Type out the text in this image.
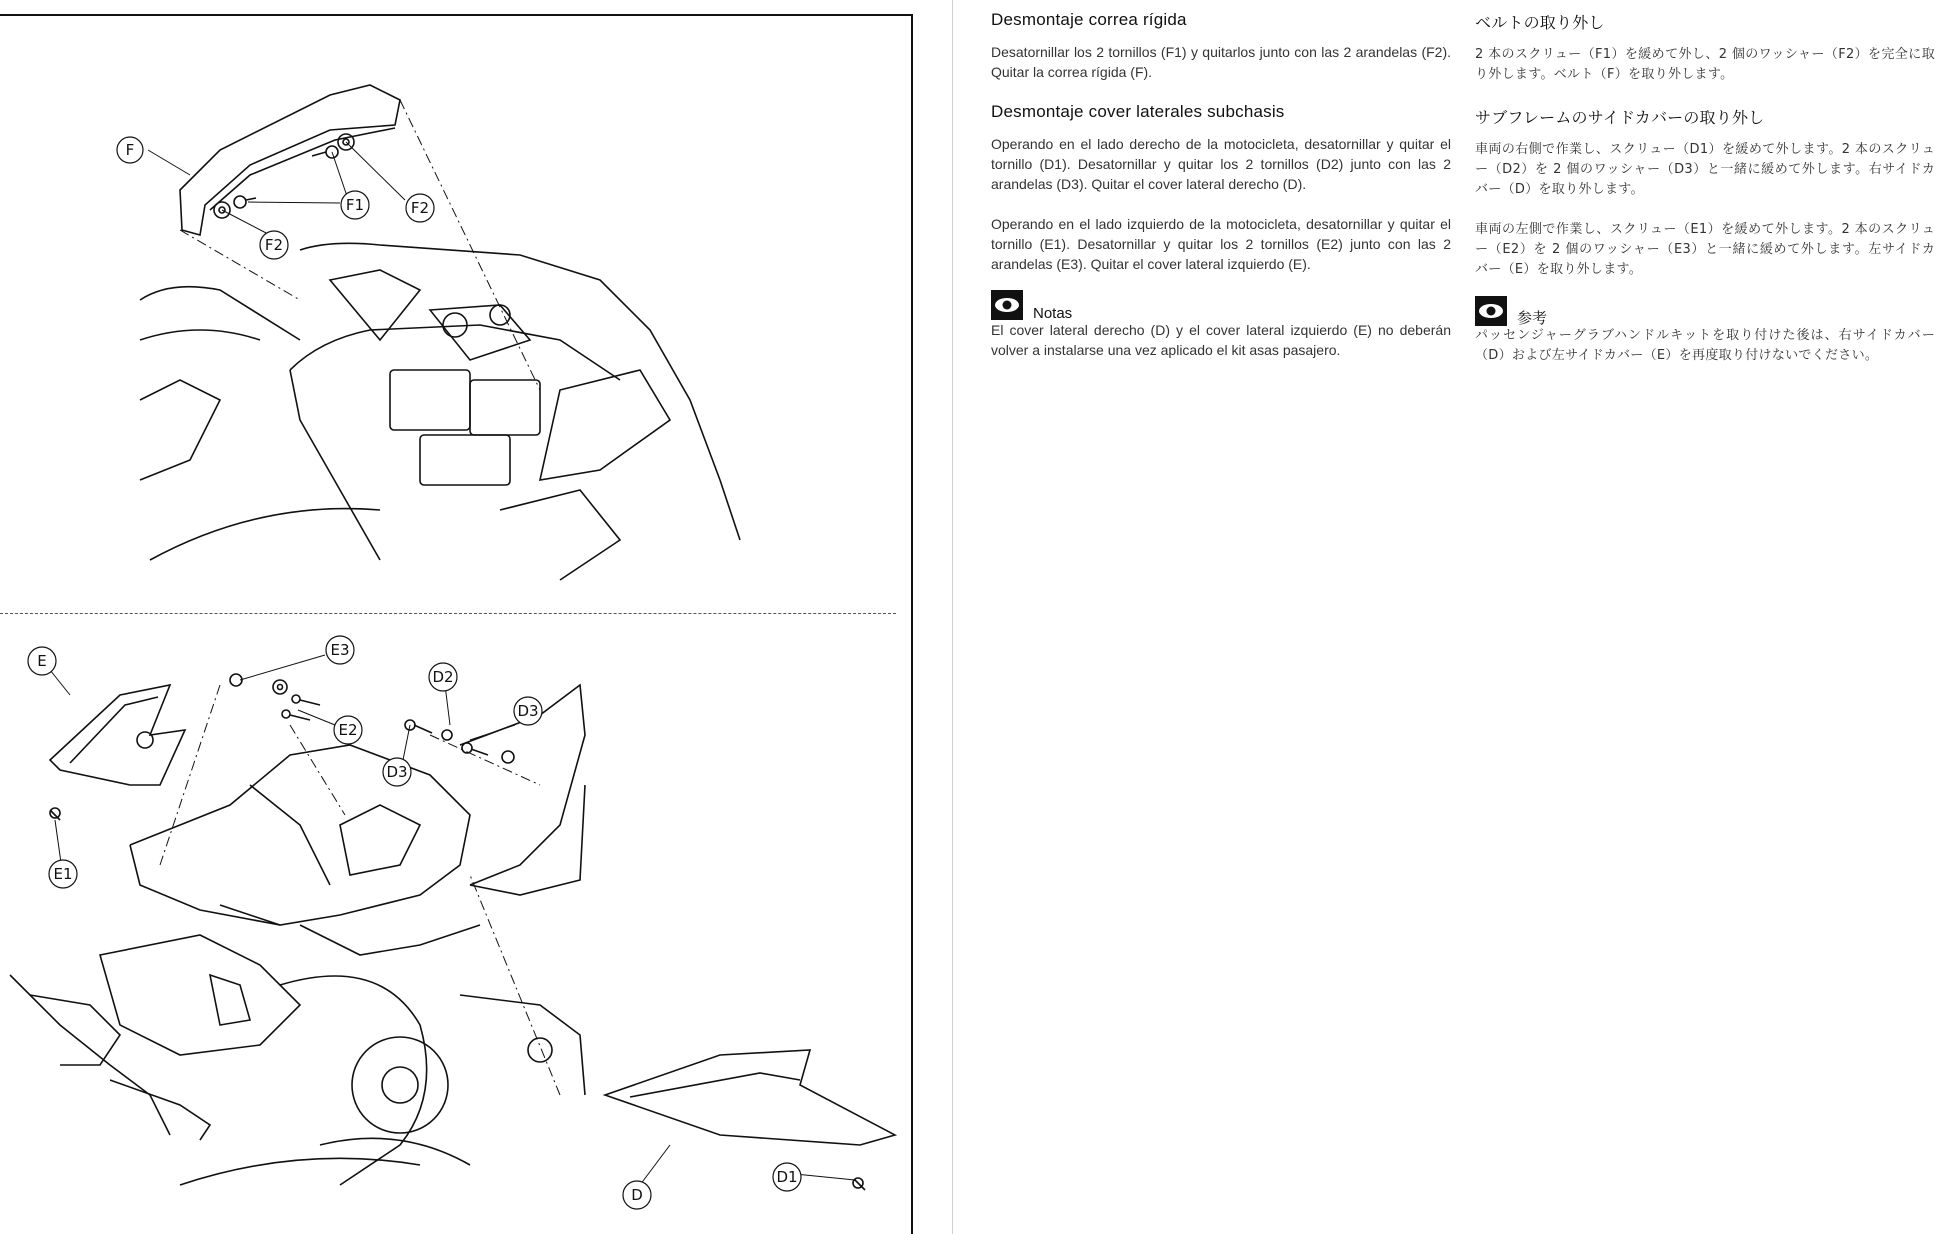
F
F1	F2
F2
E
E3
E2
D2
D3
D3
E1
D
D1
Desmontaje correa rígida

Desatornillar los 2 tornillos (F1) y quitarlos junto con las 2 arandelas (F2). Quitar la correa rígida (F).

Desmontaje cover laterales subchasis

Operando en el lado derecho de la motocicleta, desatornillar y quitar el tornillo (D1). Desatornillar y quitar los 2 tornillos (D2) junto con las 2 arandelas (D3). Quitar el cover lateral derecho (D).

Operando en el lado izquierdo de la motocicleta, desatornillar y quitar el tornillo (E1). Desatornillar y quitar los 2 tornillos (E2) junto con las 2 arandelas (E3). Quitar el cover lateral izquierdo (E).

Notas

El cover lateral derecho (D) y el cover lateral izquierdo (E) no deberán volver a instalarse una vez aplicado el kit asas pasajero.

ベルトの取り外し

2 本のスクリュー（F1）を緩めて外し、2 個のワッシャー（F2）を完全に取り外します。ベルト（F）を取り外します。

サブフレームのサイドカバーの取り外し

車両の右側で作業し、スクリュー（D1）を緩めて外します。2 本のスクリュー（D2）を 2 個のワッシャー（D3）と一緒に緩めて外します。右サイドカバー（D）を取り外します。

車両の左側で作業し、スクリュー（E1）を緩めて外します。2 本のスクリュー（E2）を 2 個のワッシャー（E3）と一緒に緩めて外します。左サイドカバー（E）を取り外します。

参考

パッセンジャーグラブハンドルキットを取り付けた後は、右サイドカバー（D）および左サイドカバー（E）を再度取り付けないでください。
